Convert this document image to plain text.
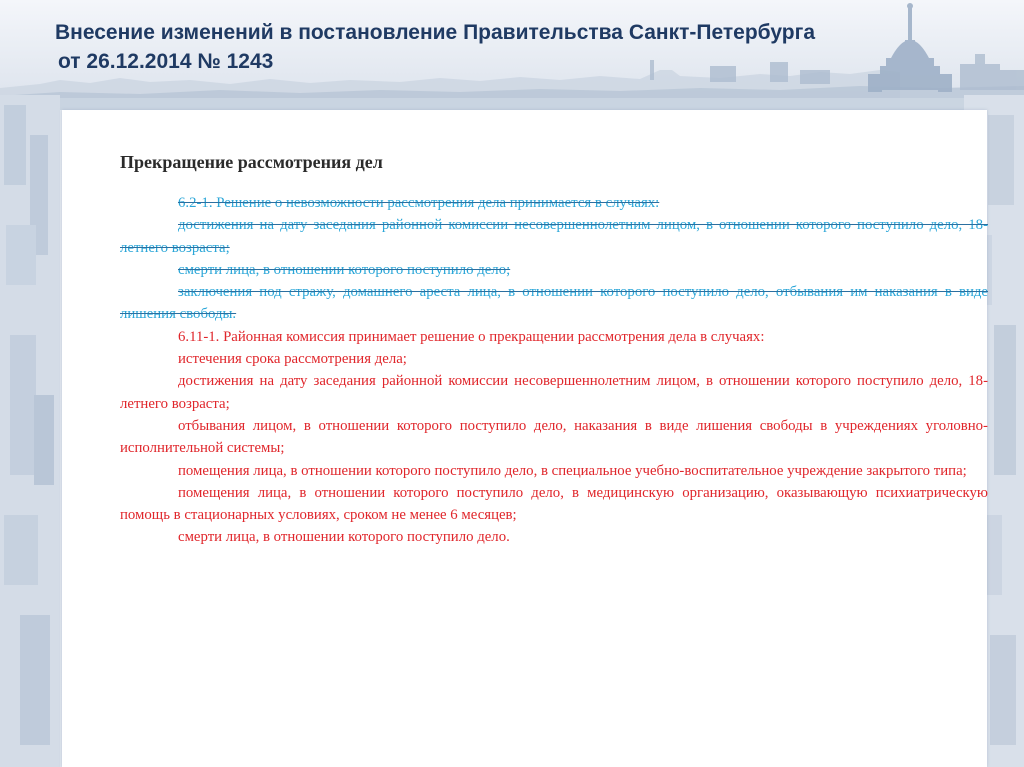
Внесение изменений в постановление Правительства Санкт-Петербурга
от 26.12.2014 № 1243
Прекращение рассмотрения дел

6.2-1. Решение о невозможности рассмотрения дела принимается в случаях:

достижения на дату заседания районной комиссии несовершеннолетним лицом, в отношении которого поступило дело, 18-летнего возраста;

смерти лица, в отношении которого поступило дело;

заключения под стражу, домашнего ареста лица, в отношении которого поступило дело, отбывания им наказания в виде лишения свободы.

6.11-1. Районная комиссия принимает решение о прекращении рассмотрения дела в случаях:

истечения срока рассмотрения дела;

достижения на дату заседания районной комиссии несовершеннолетним лицом, в отношении которого поступило дело, 18-летнего возраста;

отбывания лицом, в отношении которого поступило дело, наказания в виде лишения свободы в учреждениях уголовно-исполнительной системы;

помещения лица, в отношении которого поступило дело, в специальное учебно-воспитательное учреждение закрытого типа;

помещения лица, в отношении которого поступило дело, в медицинскую организацию, оказывающую психиатрическую помощь в стационарных условиях, сроком не менее 6 месяцев;

смерти лица, в отношении которого поступило дело.
